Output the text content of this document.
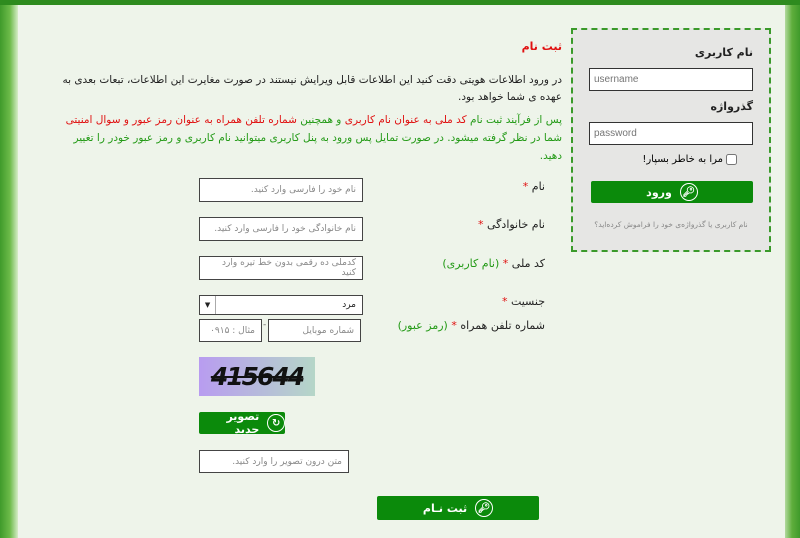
نام کاربری
username
گذرواژه
password
مرا به خاطر بسپار!
🔑︎
ورود
نام کاربری یا گذرواژه‌ی خود را فراموش کرده‌اید؟
ثبت نام
در ورود اطلاعات هویتی دقت کنید این اطلاعات قابل ویرایش نیستند در صورت مغایرت این اطلاعات، تبعات بعدی به عهده ی شما خواهد بود.
پس از فرآیند ثبت نام کد ملی به عنوان نام کاربری و همچنین شماره تلفن همراه به عنوان رمز عبور و سوال امنیتی شما در نظر گرفته میشود. در صورت تمایل پس ورود به پنل کاربری میتوانید نام کاربری و رمز عبور خودر را تغییر دهید.
نام *
نام خانوادگی *
کد ملی * (نام کاربری)
جنسیت *
شماره تلفن همراه * (رمز عبور)
نام خود را فارسی وارد کنید.
نام خانوادگی خود را فارسی وارد کنید.
کدملی ده رقمی بدون خط تیره وارد کنید
مرد
▼
شماره موبایل
-
مثال : ۰۹۱۵
415644
↻
تصویر جدید
متن درون تصویر را وارد کنید.
🔑︎
ثبت نـام
